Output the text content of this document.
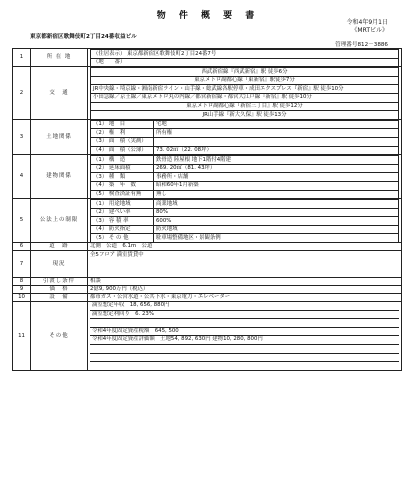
物 件 概 要 書
令和4年9月1日
《MRTビル》
東京都新宿区歌舞伎町2丁目24番収益ビル
管理番号812－3886
1	所 在 地	
（住居表示） 東京都新宿区歌舞伎町2丁目24番7号
（地　　番）

2	交　通	
西武新宿線『西武新宿』駅 徒歩6分
東京メトロ副都心線『東新宿』駅徒歩7分
JR中央線・埼京線・湘南新宿ライン・山手線・総武線各駅停車・成田エクスプレス『新宿』駅 徒歩10分
小田急線／京王線／東京メトロ丸の内線／都営新宿線・都営大江戸線『新宿』駅 徒歩10分
東京メトロ副都心線『新宿三丁目』駅 徒歩12分
JR山手線『新大久保』駅 徒歩13分

3	土地関係	
（1） 地　目	宅地
（2） 権　利	所有権
（3） 面　積（実測）	
（4） 面　積（公簿）	73. 02㎡（22. 08坪）

4	建物関係	
（1） 構　造	鉄骨造 陸屋根 地下1階付4階建
（2） 延床面積	269. 20㎡（81. 43坪）
（3） 種　類	事務所・店舗
（4） 築　年　数	昭和60年1月新築
（5） 検査済証有無	無し

5	公法上の制限	
（1） 用途地域	商業地域
（2） 建ぺい率	80%
（3） 容 積 率	600%
（4） 防火指定	防火地域
（5） そ の 他	駐車場整備地区・景観条例

6	道　路	北側　公道　6.1m　公道
7	現況	全5フロア 満室賃貸中
8	引渡し条件	相談
9	価　格	2億9, 900万円（税込）
10	設　備	都市ガス・公営水道・公共下水・東京電力・エレベーター
11	その他	
満室想定年収　18, 656, 880円
満室想定利回り　6. 23%
令和4年度固定資産税額　645, 500
令和4年度固定資産評価額　土地54, 892, 630円 建物10, 280, 800円
